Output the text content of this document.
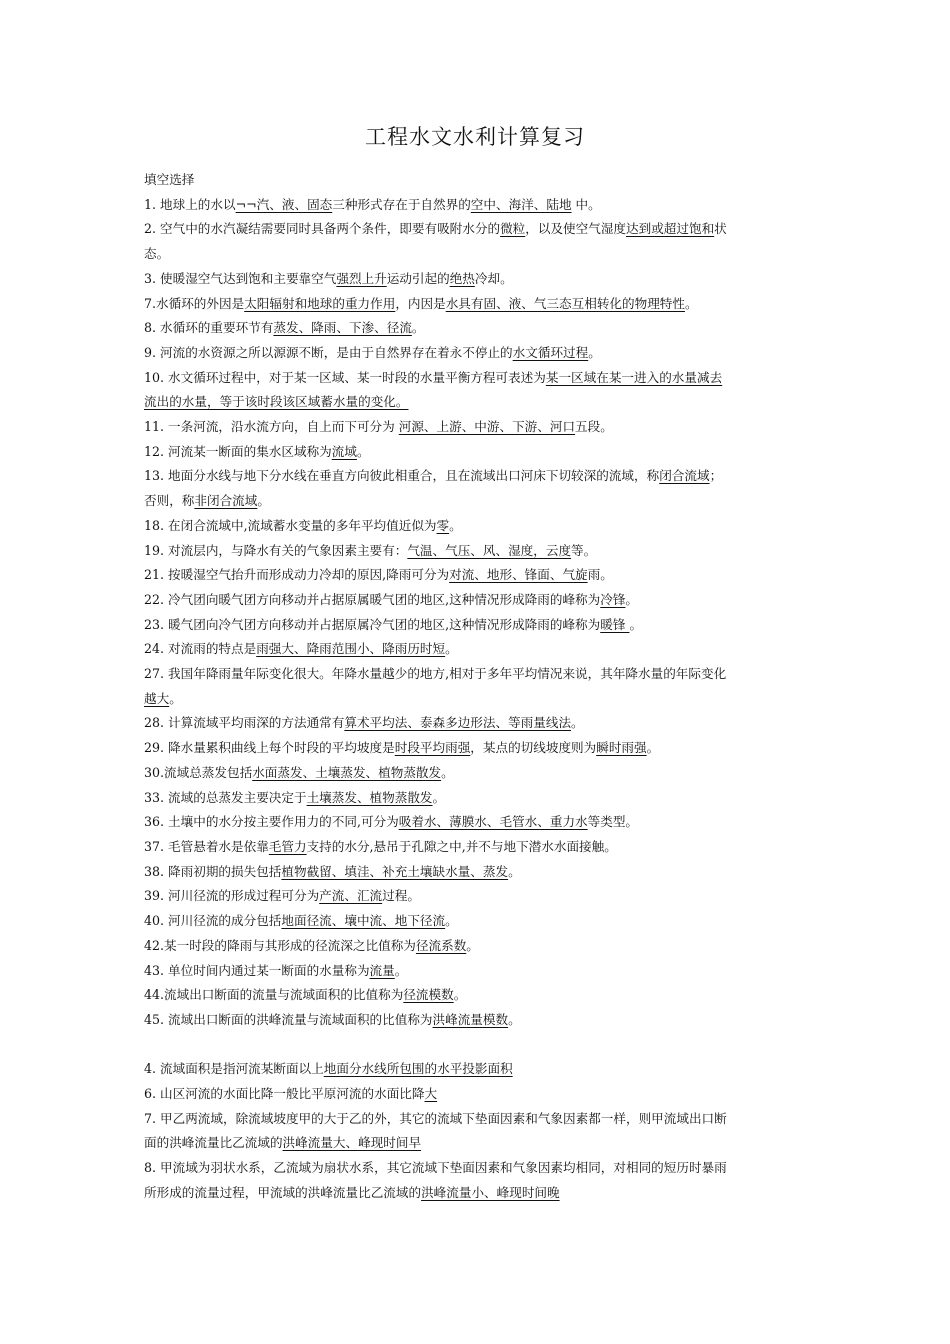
工程水文水利计算复习
填空选择
1. 地球上的水以¬¬汽、液、固态三种形式存在于自然界的空中、海洋、陆地 中。
2. 空气中的水汽凝结需要同时具备两个条件，即要有吸附水分的微粒，以及使空气湿度达到或超过饱和状
态。
3. 使暖湿空气达到饱和主要靠空气强烈上升运动引起的绝热冷却。
7.水循环的外因是太阳辐射和地球的重力作用，内因是水具有固、液、气三态互相转化的物理特性。
8. 水循环的重要环节有蒸发、降雨、下渗、径流。
9. 河流的水资源之所以源源不断，是由于自然界存在着永不停止的水文循环过程。
10. 水文循环过程中，对于某一区域、某一时段的水量平衡方程可表述为某一区域在某一进入的水量减去
流出的水量，等于该时段该区域蓄水量的变化。
11. 一条河流，沿水流方向，自上而下可分为 河源、上游、中游、下游、河口五段。
12. 河流某一断面的集水区域称为流域。
13. 地面分水线与地下分水线在垂直方向彼此相重合，且在流域出口河床下切较深的流域，称闭合流域；
否则，称非闭合流域。
18. 在闭合流域中,流域蓄水变量的多年平均值近似为零。
19. 对流层内，与降水有关的气象因素主要有：气温、气压、风、湿度，云度等。
21. 按暖湿空气抬升而形成动力冷却的原因,降雨可分为对流、地形、锋面、气旋雨。
22. 冷气团向暖气团方向移动并占据原属暖气团的地区,这种情况形成降雨的峰称为冷锋。
23. 暖气团向冷气团方向移动并占据原属冷气团的地区,这种情况形成降雨的峰称为暖锋 。
24. 对流雨的特点是雨强大、降雨范围小、降雨历时短。
27. 我国年降雨量年际变化很大。年降水量越少的地方,相对于多年平均情况来说，其年降水量的年际变化
越大。
28. 计算流域平均雨深的方法通常有算术平均法、泰森多边形法、等雨量线法。
29. 降水量累积曲线上每个时段的平均坡度是时段平均雨强，某点的切线坡度则为瞬时雨强。
30.流域总蒸发包括水面蒸发、土壤蒸发、植物蒸散发。
33. 流域的总蒸发主要决定于土壤蒸发、植物蒸散发。
36. 土壤中的水分按主要作用力的不同,可分为吸着水、薄膜水、毛管水、重力水等类型。
37. 毛管悬着水是依靠毛管力支持的水分,悬吊于孔隙之中,并不与地下潜水水面接触。
38. 降雨初期的损失包括植物截留、填洼、补充土壤缺水量、蒸发。
39. 河川径流的形成过程可分为产流、汇流过程。
40. 河川径流的成分包括地面径流、壤中流、地下径流。
42.某一时段的降雨与其形成的径流深之比值称为径流系数。
43. 单位时间内通过某一断面的水量称为流量。
44.流域出口断面的流量与流域面积的比值称为径流模数。
45. 流域出口断面的洪峰流量与流域面积的比值称为洪峰流量模数。
4. 流域面积是指河流某断面以上地面分水线所包围的水平投影面积
6. 山区河流的水面比降一般比平原河流的水面比降大
7. 甲乙两流域，除流域坡度甲的大于乙的外，其它的流域下垫面因素和气象因素都一样，则甲流域出口断
面的洪峰流量比乙流域的洪峰流量大、峰现时间早
8. 甲流域为羽状水系，乙流域为扇状水系，其它流域下垫面因素和气象因素均相同，对相同的短历时暴雨
所形成的流量过程，甲流域的洪峰流量比乙流域的洪峰流量小、峰现时间晚
